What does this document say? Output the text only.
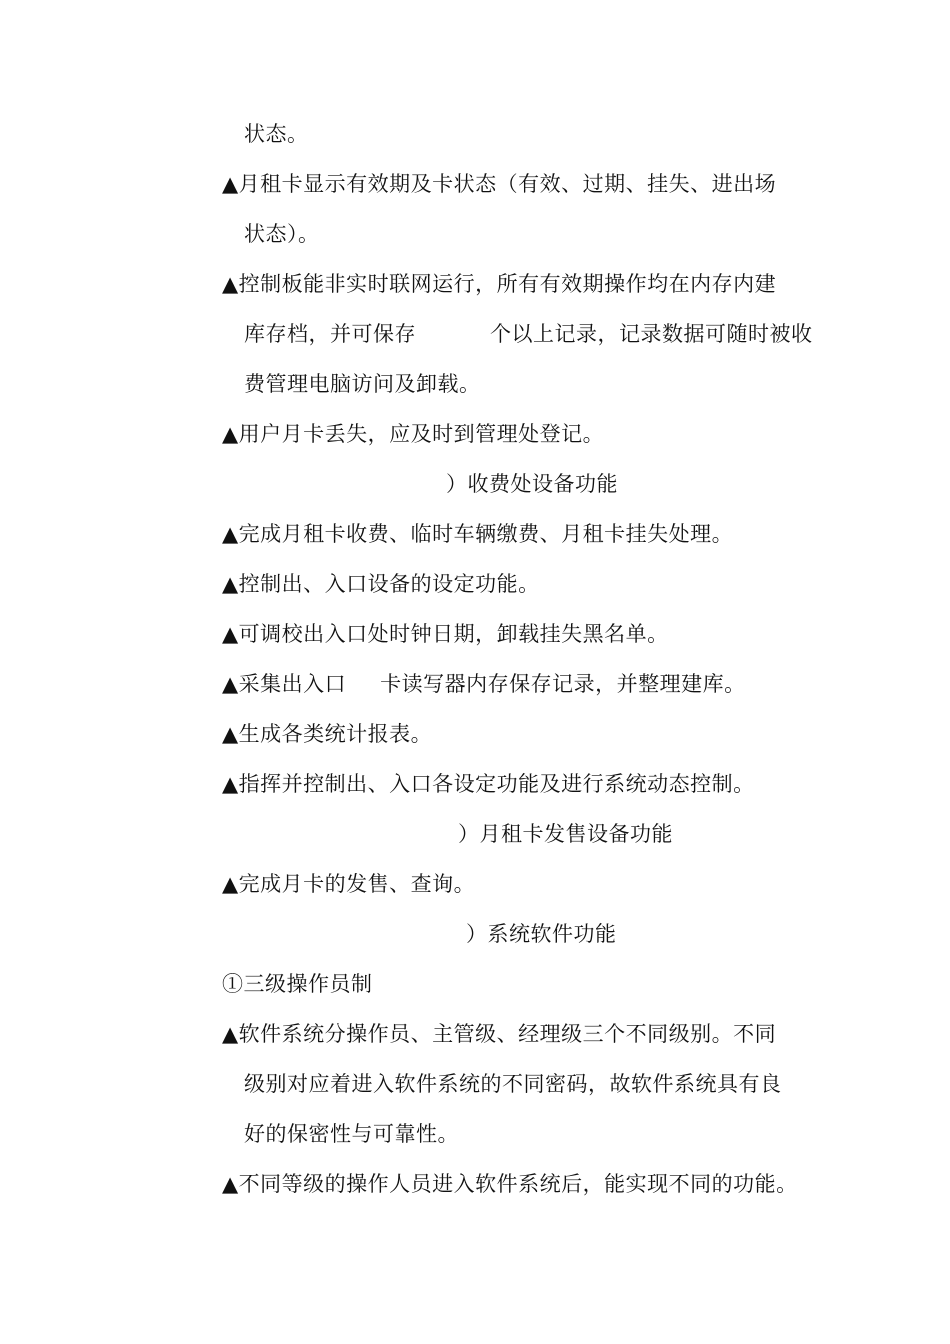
状态。
▲月租卡显示有效期及卡状态（有效、过期、挂失、进出场
状态）。
▲控制板能非实时联网运行，所有有效期操作均在内存内建
库存档，并可保存	个以上记录，记录数据可随时被收
费管理电脑访问及卸载。
▲用户月卡丢失，应及时到管理处登记。
）收费处设备功能
▲完成月租卡收费、临时车辆缴费、月租卡挂失处理。
▲控制出、入口设备的设定功能。
▲可调校出入口处时钟日期，卸载挂失黑名单。
▲采集出入口 卡读写器内存保存记录，并整理建库。
▲生成各类统计报表。
▲指挥并控制出、入口各设定功能及进行系统动态控制。
）月租卡发售设备功能
▲完成月卡的发售、查询。
）系统软件功能
①三级操作员制
▲软件系统分操作员、主管级、经理级三个不同级别。不同
级别对应着进入软件系统的不同密码，故软件系统具有良
好的保密性与可靠性。
▲不同等级的操作人员进入软件系统后，能实现不同的功能。
